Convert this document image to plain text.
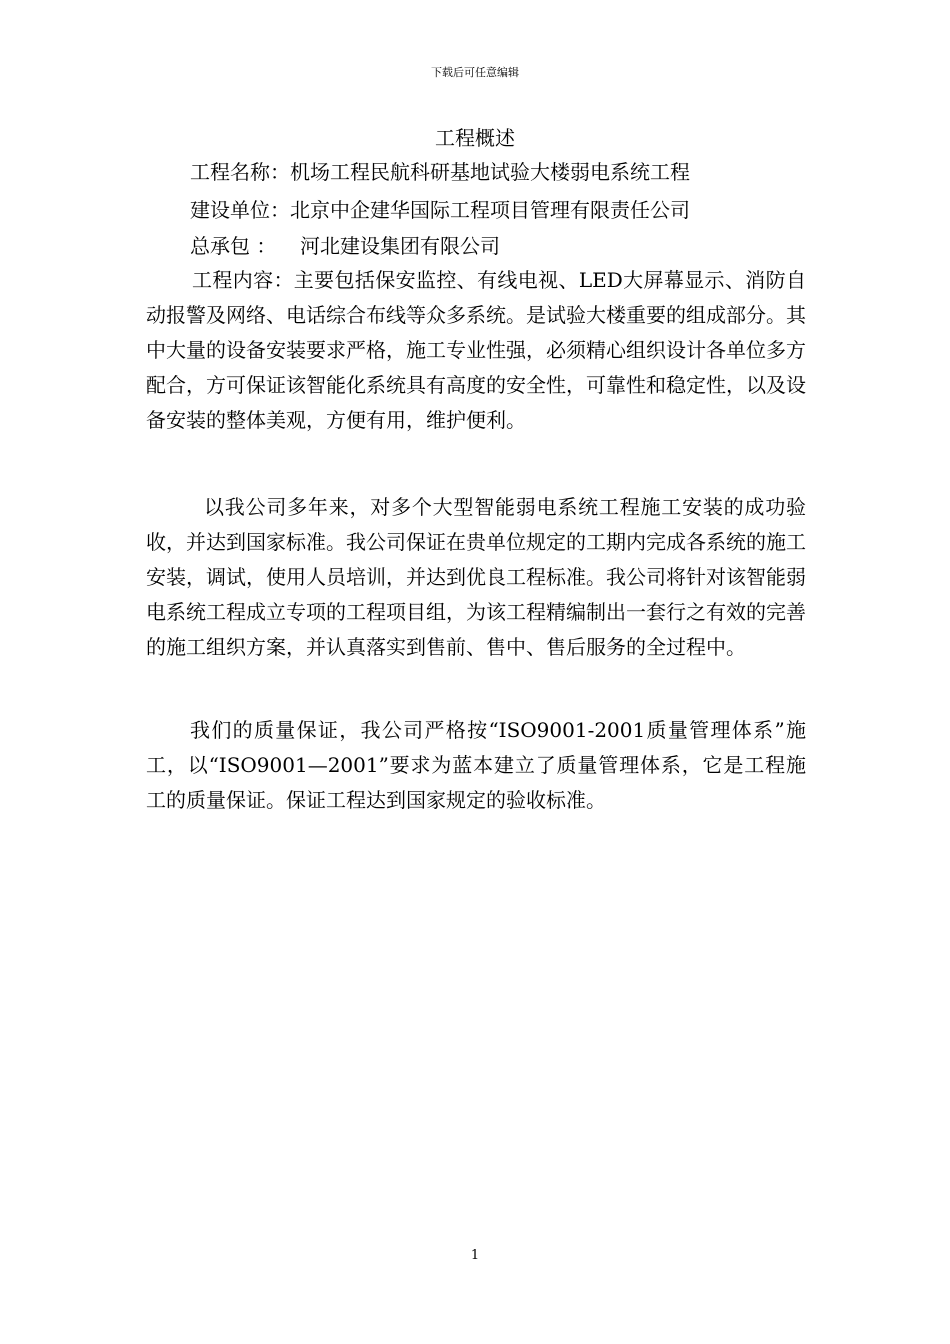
下载后可任意编辑
工程概述
工程名称：机场工程民航科研基地试验大楼弱电系统工程
建设单位：北京中企建华国际工程项目管理有限责任公司
总承包 ： 河北建设集团有限公司

工程内容：主要包括保安监控、有线电视、LED大屏幕显示、消防自动报警及网络、电话综合布线等众多系统。是试验大楼重要的组成部分。其中大量的设备安装要求严格，施工专业性强，必须精心组织设计各单位多方配合，方可保证该智能化系统具有高度的安全性，可靠性和稳定性，以及设备安装的整体美观，方便有用，维护便利。

以我公司多年来，对多个大型智能弱电系统工程施工安装的成功验收，并达到国家标准。我公司保证在贵单位规定的工期内完成各系统的施工安装，调试，使用人员培训，并达到优良工程标准。我公司将针对该智能弱电系统工程成立专项的工程项目组，为该工程精编制出一套行之有效的完善的施工组织方案，并认真落实到售前、售中、售后服务的全过程中。

我们的质量保证，我公司严格按“ISO9001-2001质量管理体系”施工，以“ISO9001—2001”要求为蓝本建立了质量管理体系，它是工程施工的质量保证。保证工程达到国家规定的验收标准。

1
